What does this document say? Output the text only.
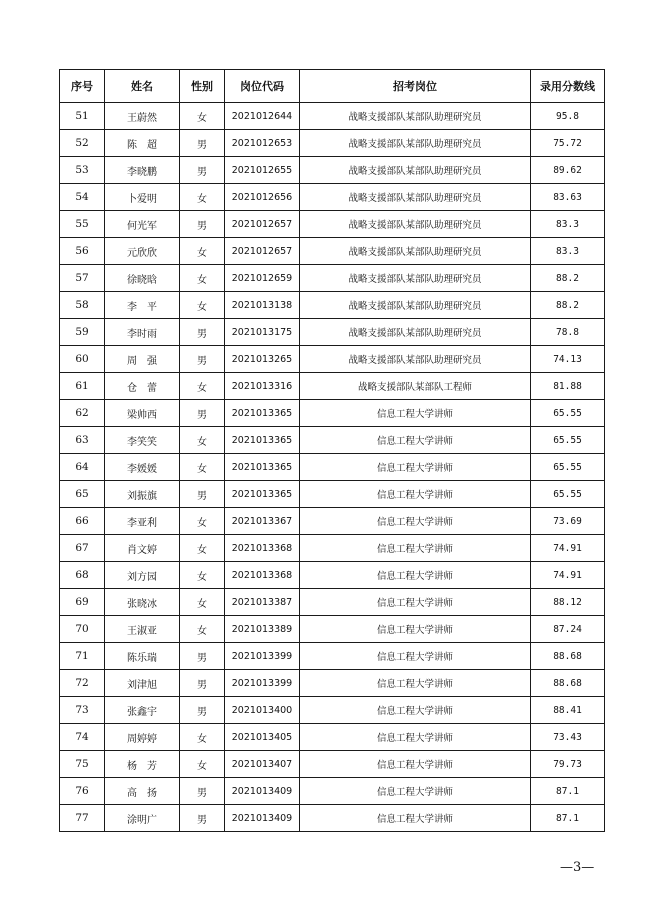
序号	姓名	性别	岗位代码	招考岗位	录用分数线
51	王蔚然	女	2021012644	战略支援部队某部队助理研究员	95.8
52	陈　超	男	2021012653	战略支援部队某部队助理研究员	75.72
53	李晓鹏	男	2021012655	战略支援部队某部队助理研究员	89.62
54	卜爱明	女	2021012656	战略支援部队某部队助理研究员	83.63
55	何光军	男	2021012657	战略支援部队某部队助理研究员	83.3
56	元欣欣	女	2021012657	战略支援部队某部队助理研究员	83.3
57	徐晓晗	女	2021012659	战略支援部队某部队助理研究员	88.2
58	李　平	女	2021013138	战略支援部队某部队助理研究员	88.2
59	李时雨	男	2021013175	战略支援部队某部队助理研究员	78.8
60	周　强	男	2021013265	战略支援部队某部队助理研究员	74.13
61	仓　蕾	女	2021013316	战略支援部队某部队工程师	81.88
62	梁帅西	男	2021013365	信息工程大学讲师	65.55
63	李笑笑	女	2021013365	信息工程大学讲师	65.55
64	李媛媛	女	2021013365	信息工程大学讲师	65.55
65	刘振旗	男	2021013365	信息工程大学讲师	65.55
66	李亚利	女	2021013367	信息工程大学讲师	73.69
67	肖文婷	女	2021013368	信息工程大学讲师	74.91
68	刘方园	女	2021013368	信息工程大学讲师	74.91
69	张晓冰	女	2021013387	信息工程大学讲师	88.12
70	王淑亚	女	2021013389	信息工程大学讲师	87.24
71	陈乐瑞	男	2021013399	信息工程大学讲师	88.68
72	刘津旭	男	2021013399	信息工程大学讲师	88.68
73	张鑫宇	男	2021013400	信息工程大学讲师	88.41
74	周婷婷	女	2021013405	信息工程大学讲师	73.43
75	杨　芳	女	2021013407	信息工程大学讲师	79.73
76	高　扬	男	2021013409	信息工程大学讲师	87.1
77	涂明广	男	2021013409	信息工程大学讲师	87.1
—3—
